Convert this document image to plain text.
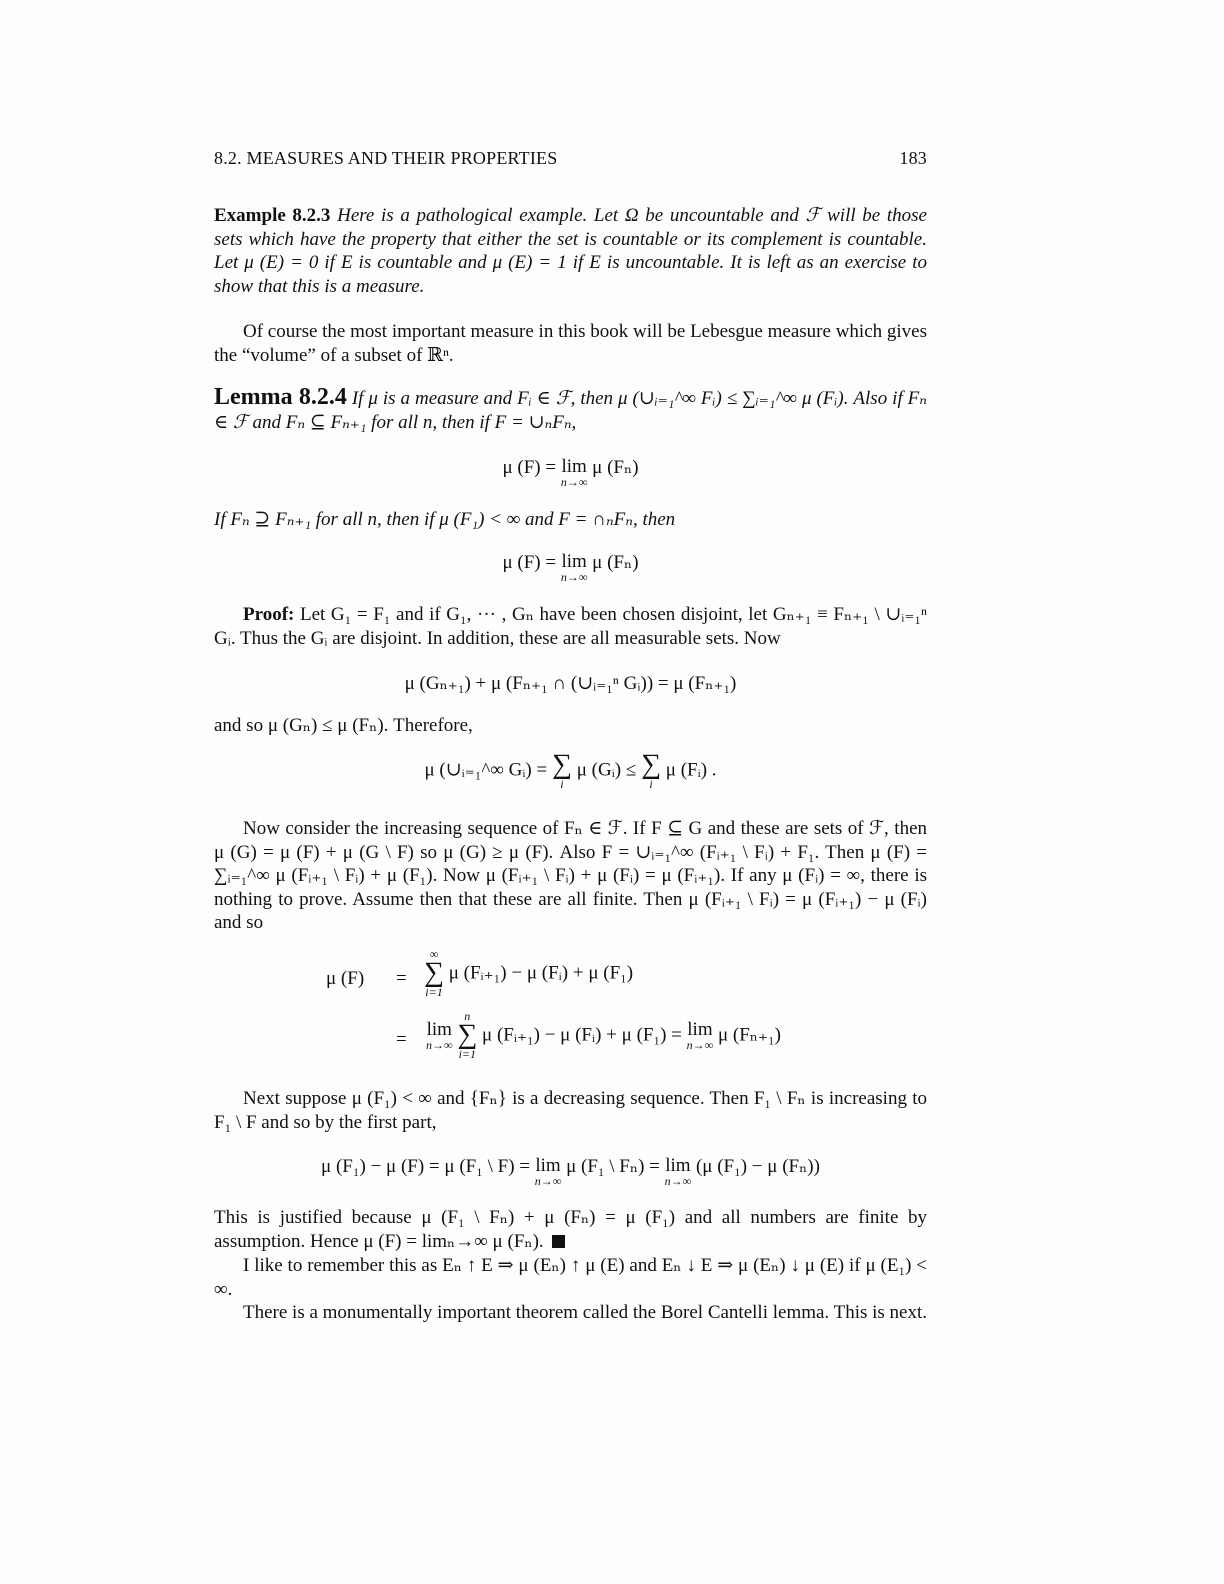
8.2. MEASURES AND THEIR PROPERTIES	183
Example 8.2.3 Here is a pathological example. Let Ω be uncountable and ℱ will be those sets which have the property that either the set is countable or its complement is countable. Let μ (E) = 0 if E is countable and μ (E) = 1 if E is uncountable. It is left as an exercise to show that this is a measure.
Of course the most important measure in this book will be Lebesgue measure which gives the “volume” of a subset of ℝⁿ.
Lemma 8.2.4 If μ is a measure and Fᵢ ∈ ℱ, then μ (∪ᵢ₌₁^∞ Fᵢ) ≤ ∑ᵢ₌₁^∞ μ (Fᵢ). Also if Fₙ ∈ ℱ and Fₙ ⊆ Fₙ₊₁ for all n, then if F = ∪ₙFₙ,
μ (F) = lim
n→∞
μ (Fₙ)
If Fₙ ⊇ Fₙ₊₁ for all n, then if μ (F₁) < ∞ and F = ∩ₙFₙ, then
μ (F) = lim
n→∞
μ (Fₙ)
Proof: Let G₁ = F₁ and if G₁, ··· , Gₙ have been chosen disjoint, let Gₙ₊₁ ≡ Fₙ₊₁ \ ∪ᵢ₌₁ⁿ Gᵢ. Thus the Gᵢ are disjoint. In addition, these are all measurable sets. Now
μ (Gₙ₊₁) + μ (Fₙ₊₁ ∩ (∪ᵢ₌₁ⁿ Gᵢ)) = μ (Fₙ₊₁)
and so μ (Gₙ) ≤ μ (Fₙ). Therefore,
μ (∪ᵢ₌₁^∞ Gᵢ) = ∑
i
μ (Gᵢ) ≤ ∑
i
μ (Fᵢ) .
Now consider the increasing sequence of Fₙ ∈ ℱ. If F ⊆ G and these are sets of ℱ, then μ (G) = μ (F) + μ (G \ F) so μ (G) ≥ μ (F). Also F = ∪ᵢ₌₁^∞ (Fᵢ₊₁ \ Fᵢ) + F₁. Then μ (F) = ∑ᵢ₌₁^∞ μ (Fᵢ₊₁ \ Fᵢ) + μ (F₁). Now μ (Fᵢ₊₁ \ Fᵢ) + μ (Fᵢ) = μ (Fᵢ₊₁). If any μ (Fᵢ) = ∞, there is nothing to prove. Assume then that these are all finite. Then μ (Fᵢ₊₁ \ Fᵢ) = μ (Fᵢ₊₁) − μ (Fᵢ) and so
μ (F) =
∞
∑
i=1
μ (Fᵢ₊₁) − μ (Fᵢ) + μ (F₁)
= lim
n→∞

n
∑
i=1
μ (Fᵢ₊₁) − μ (Fᵢ) + μ (F₁) = lim
n→∞ μ (Fₙ₊₁)
Next suppose μ (F₁) < ∞ and {Fₙ} is a decreasing sequence. Then F₁ \ Fₙ is increasing to F₁ \ F and so by the first part,
μ (F₁) − μ (F) = μ (F₁ \ F) = lim
n→∞
μ (F₁ \ Fₙ) = lim
n→∞
(μ (F₁) − μ (Fₙ))
This is justified because μ (F₁ \ Fₙ) + μ (Fₙ) = μ (F₁) and all numbers are finite by assumption. Hence μ (F) = limₙ→∞ μ (Fₙ).
I like to remember this as Eₙ ↑ E ⇒ μ (Eₙ) ↑ μ (E) and Eₙ ↓ E ⇒ μ (Eₙ) ↓ μ (E) if μ (E₁) < ∞.
There is a monumentally important theorem called the Borel Cantelli lemma. This is next.
